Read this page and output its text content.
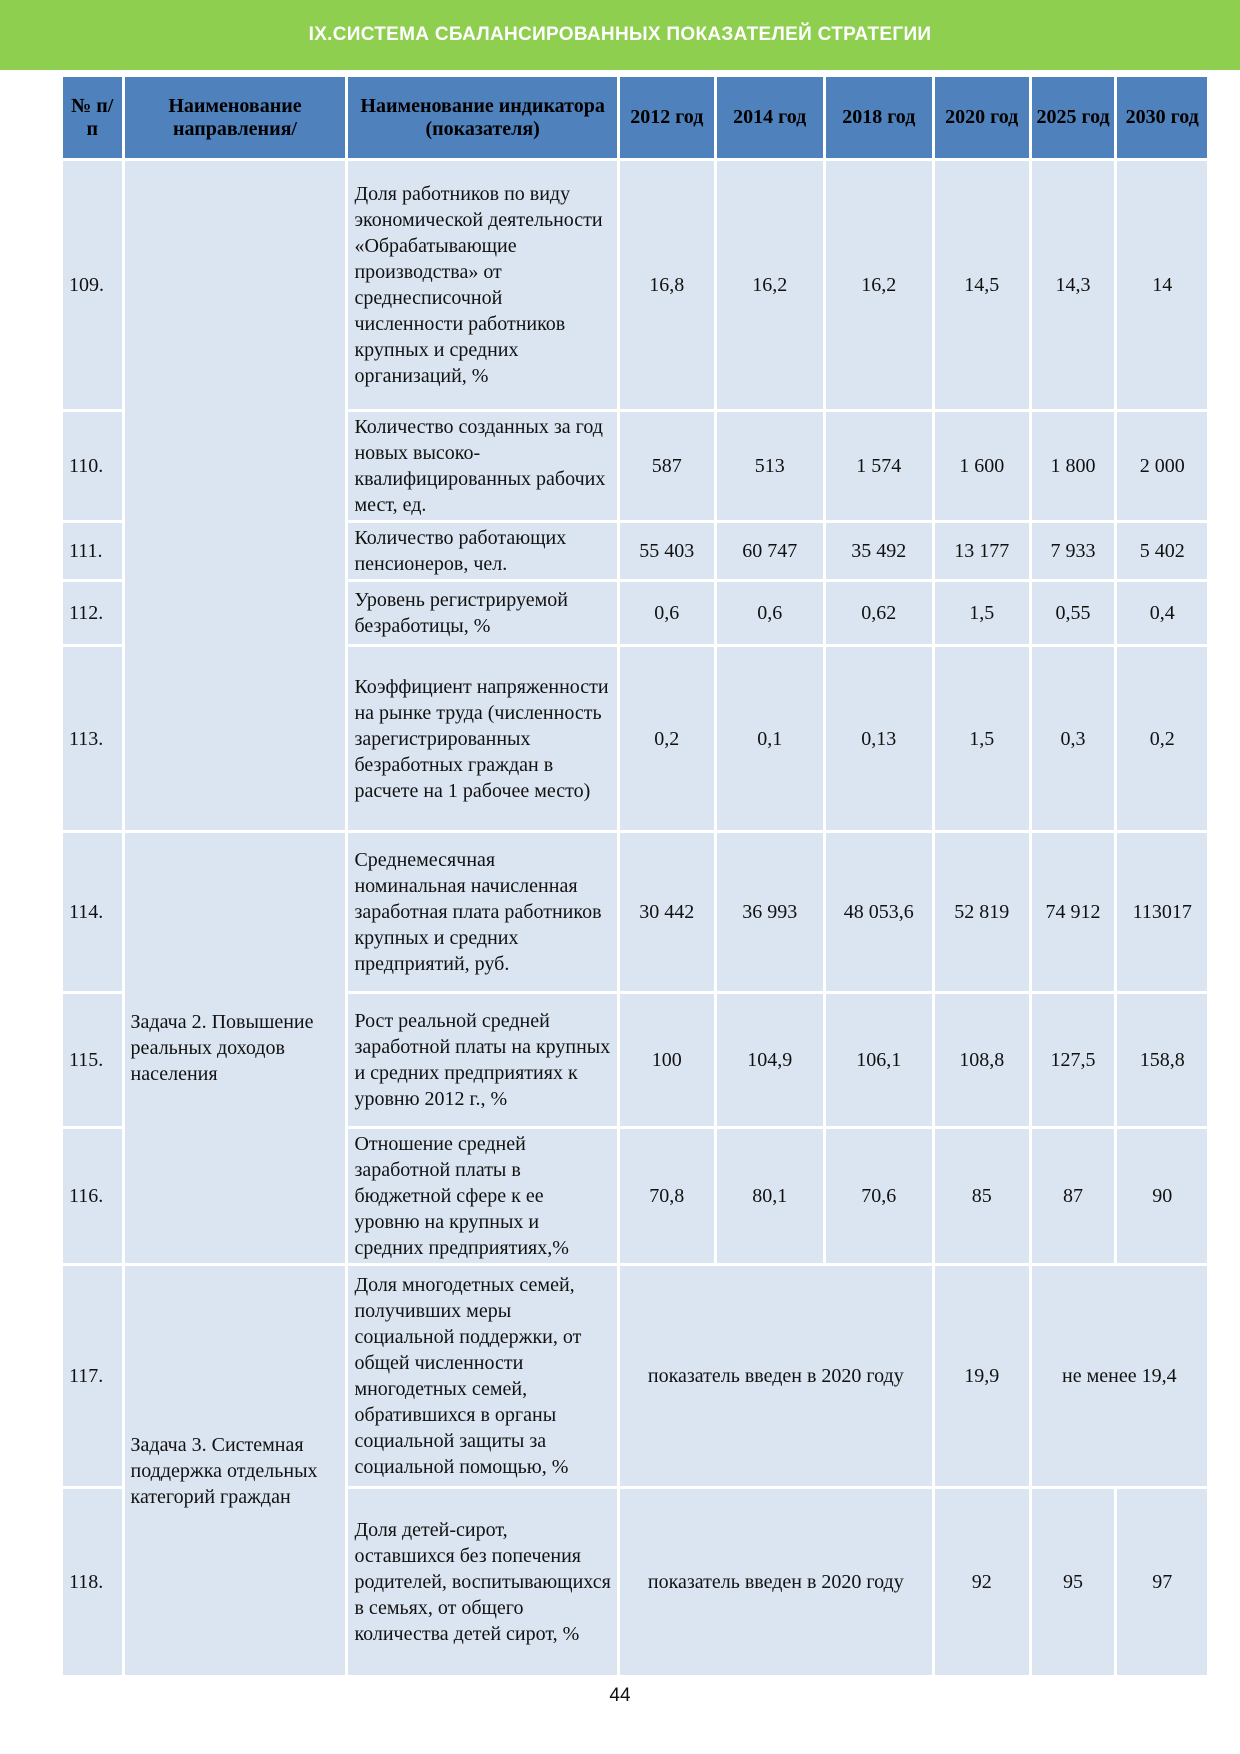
IX.СИСТЕМА СБАЛАНСИРОВАННЫХ ПОКАЗАТЕЛЕЙ СТРАТЕГИИ
№ п/п	Наименование направления/	Наименование индикатора (показателя)	2012 год	2014 год	2018 год	2020 год	2025 год	2030 год
109.		Доля работников по виду экономической деятельности «Обрабатывающие производства» от среднесписочной численности работников крупных и средних организаций, %	16,8	16,2	16,2	14,5	14,3	14
110.		Количество созданных за год новых высоко-квалифицированных рабочих мест, ед.	587	513	1 574	1 600	1 800	2 000
111.		Количество работающих пенсионеров, чел.	55 403	60 747	35 492	13 177	7 933	5 402
112.		Уровень регистрируемой безработицы, %	0,6	0,6	0,62	1,5	0,55	0,4
113.		Коэффициент напряженности на рынке труда (численность зарегистрированных безработных граждан в расчете на 1 рабочее место)	0,2	0,1	0,13	1,5	0,3	0,2
114.	Задача 2. Повышение реальных доходов населения	Среднемесячная номинальная начисленная заработная плата работников крупных и средних предприятий, руб.	30 442	36 993	48 053,6	52 819	74 912	113017
115.		Рост реальной средней заработной платы на крупных и средних предприятиях к уровню 2012 г., %	100	104,9	106,1	108,8	127,5	158,8
116.		Отношение средней заработной платы в бюджетной сфере к ее уровню на крупных и средних предприятиях,%	70,8	80,1	70,6	85	87	90
117.	Задача 3. Системная поддержка отдельных категорий граждан	Доля многодетных семей, получивших меры социальной поддержки, от общей численности многодетных семей, обратившихся в органы социальной защиты за социальной помощью, %	показатель введен в 2020 году			19,9	не менее 19,4	
118.		Доля детей-сирот, оставшихся без попечения родителей, воспитывающихся в семьях, от общего количества детей сирот, %	показатель введен в 2020 году			92	95	97
44
